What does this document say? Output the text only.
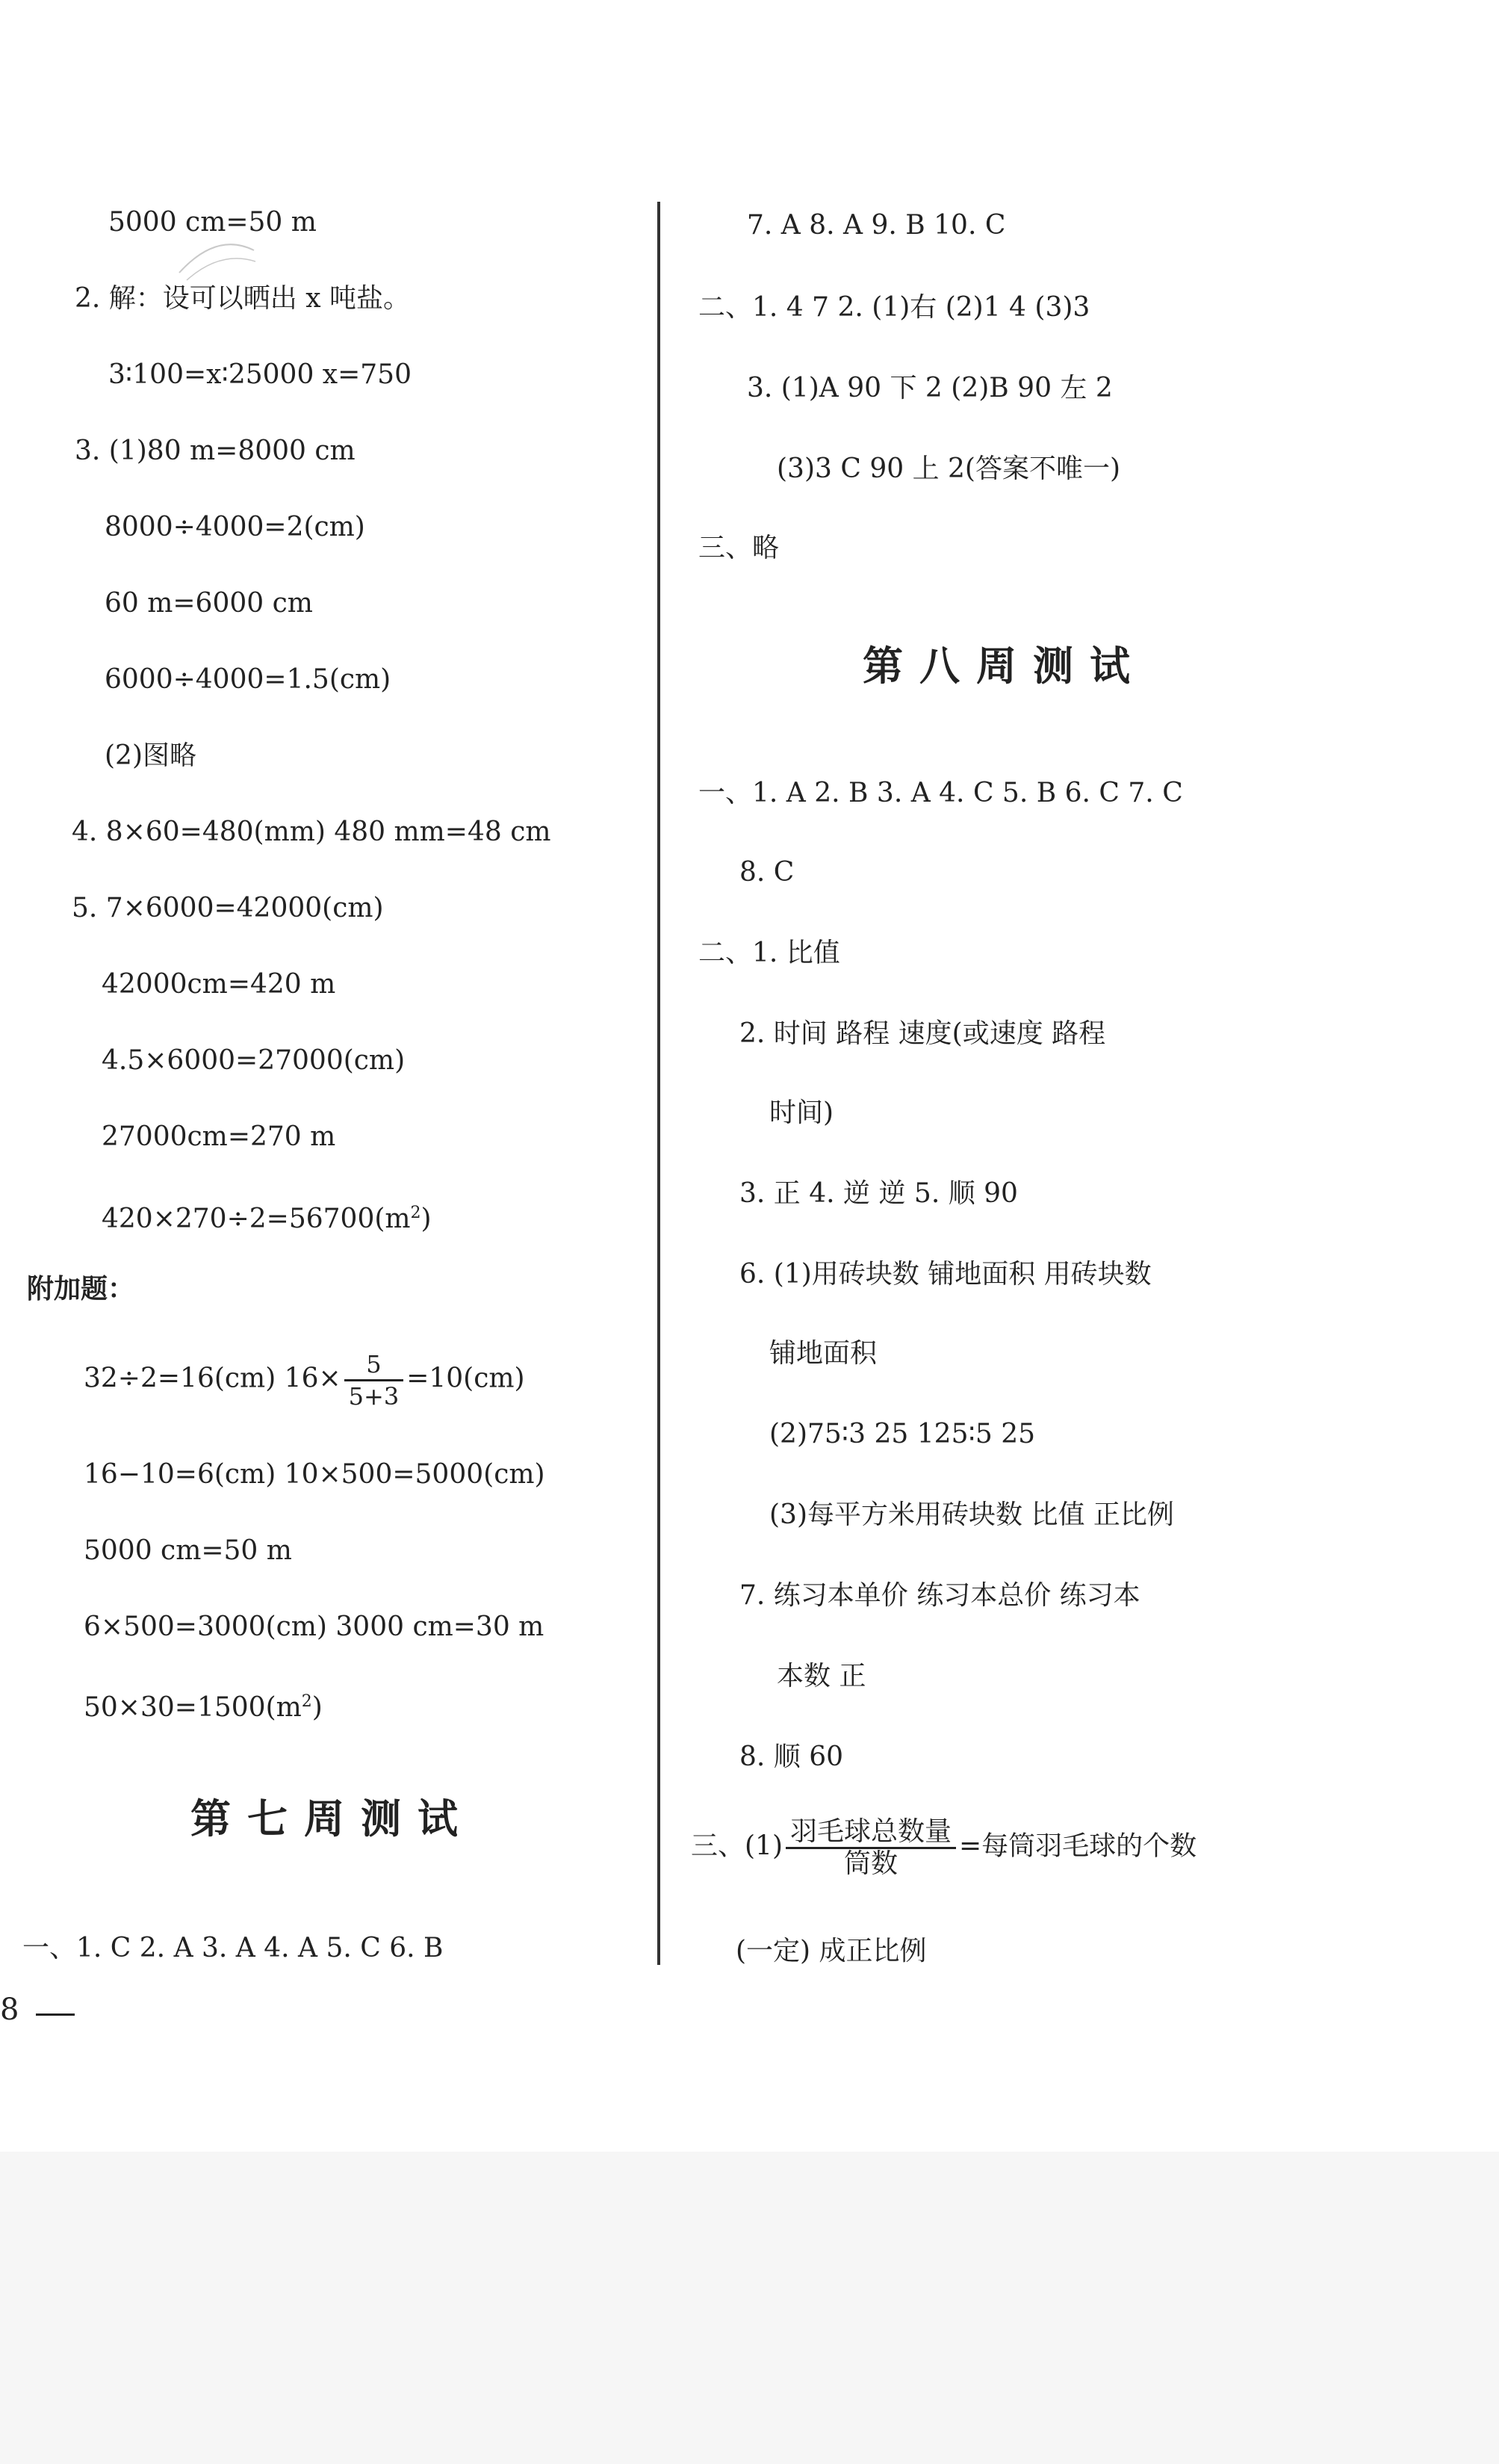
5000 cm=50 m
2. 解：设可以晒出 x 吨盐。
3∶100=x∶25000 x=750
3. (1)80 m=8000 cm
8000÷4000=2(cm)
60 m=6000 cm
6000÷4000=1.5(cm)
(2)图略
4. 8×60=480(mm) 480 mm=48 cm
5. 7×6000=42000(cm)
42000cm=420 m
4.5×6000=27000(cm)
27000cm=270 m
$420\times 270\div 2=56700(m^2)$
附加题：
32÷2=16(cm) $16\times \frac{5}{5+3} =10(cm)$
16−10=6(cm) 10×500=5000(cm)
5000 cm=50 m
6×500=3000(cm) 3000 cm=30 m
$50\times 30=1500(m^2)$
第七周测试
一、1. C 2. A 3. A 4. A 5. C 6. B
7. A 8. A 9. B 10. C
二、1. 4 7 2. (1)右 (2)1 4 (3)3
3. (1)A 90 下 2 (2)B 90 左 2
(3)3 C 90 上 2(答案不唯一)
三、略
第八周测试
一、1. A 2. B 3. A 4. C 5. B 6. C 7. C
8. C
二、1. 比值
2. 时间 路程 速度(或速度 路程
时间)
3. 正 4. 逆 逆 5. 顺 90
6. (1)用砖块数 铺地面积 用砖块数
铺地面积
(2)75∶3 25 125∶5 25
(3)每平方米用砖块数 比值 正比例
7. 练习本单价 练习本总价 练习本
本数 正
8. 顺 60
三、$(1) \frac{\text{羽毛球总数量}}{\text{筒数}}$ =每筒羽毛球的个数
(一定) 成正比例
8
